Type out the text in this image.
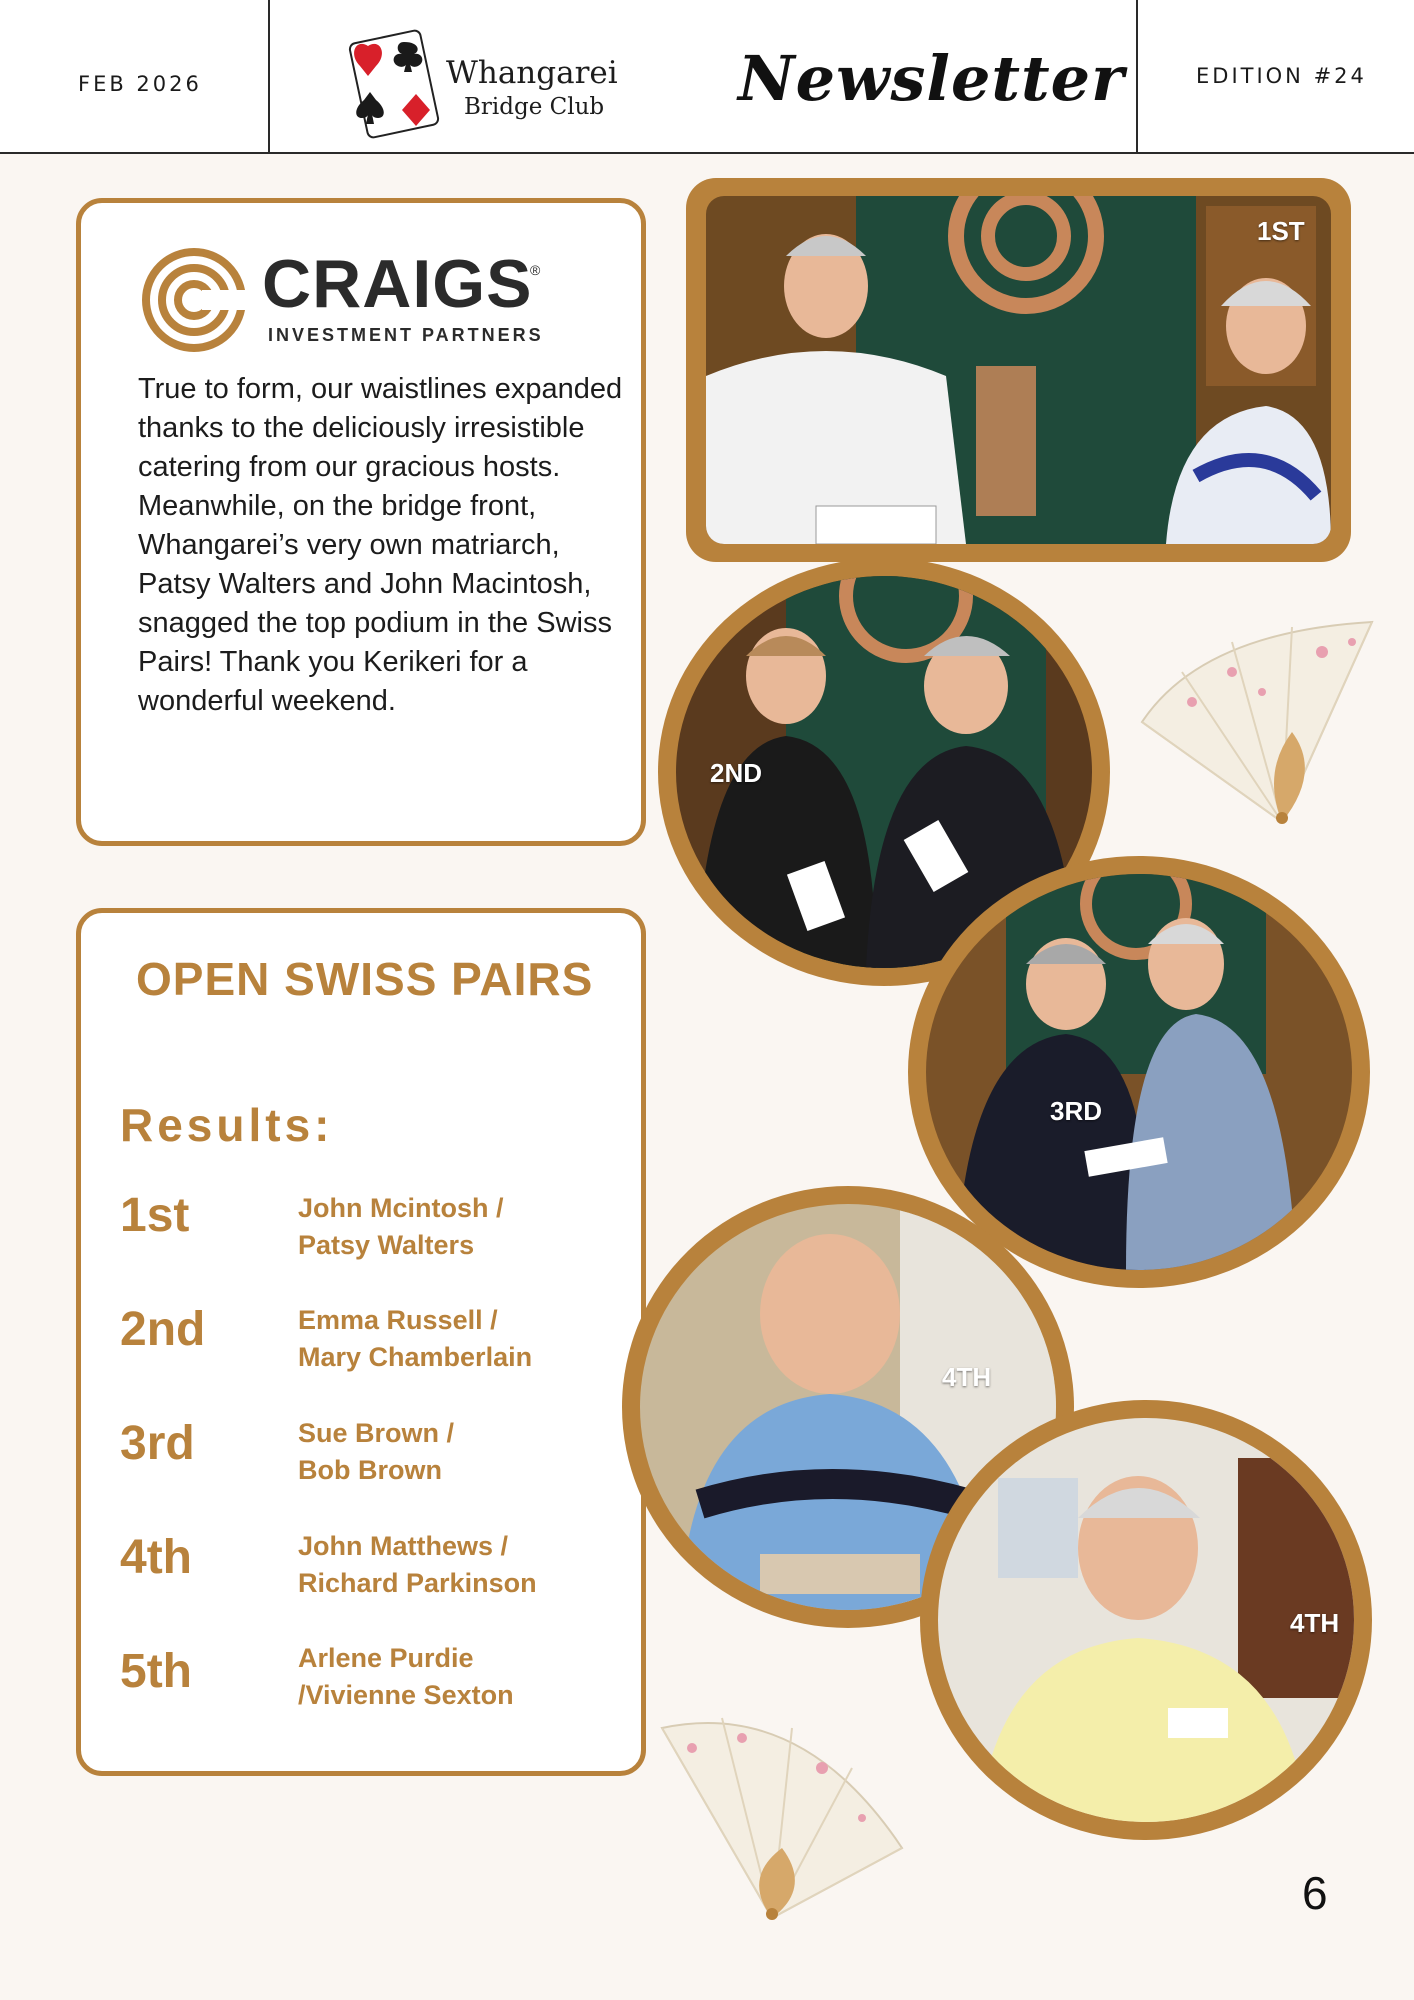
FEB 2026	Whangarei
Bridge Club Newsletter	EDITION #24
CRAIGS
®
INVESTMENT PARTNERS

True to form, our waistlines expanded thanks to the deliciously irresistible catering from our gracious hosts. Meanwhile, on the bridge front, Whangarei’s very own matriarch, Patsy Walters and John Macintosh, snagged the top podium in the Swiss Pairs! Thank you Kerikeri for a wonderful weekend.

OPEN SWISS PAIRS
Results:
1st	John Mcintosh /
Patsy Walters
2nd	Emma Russell /
Mary Chamberlain
3rd	Sue Brown /
Bob Brown
4th	John Matthews /
Richard Parkinson
5th	Arlene Purdie
/Vivienne Sexton
1ST
2ND
3RD
4TH
4TH
6
